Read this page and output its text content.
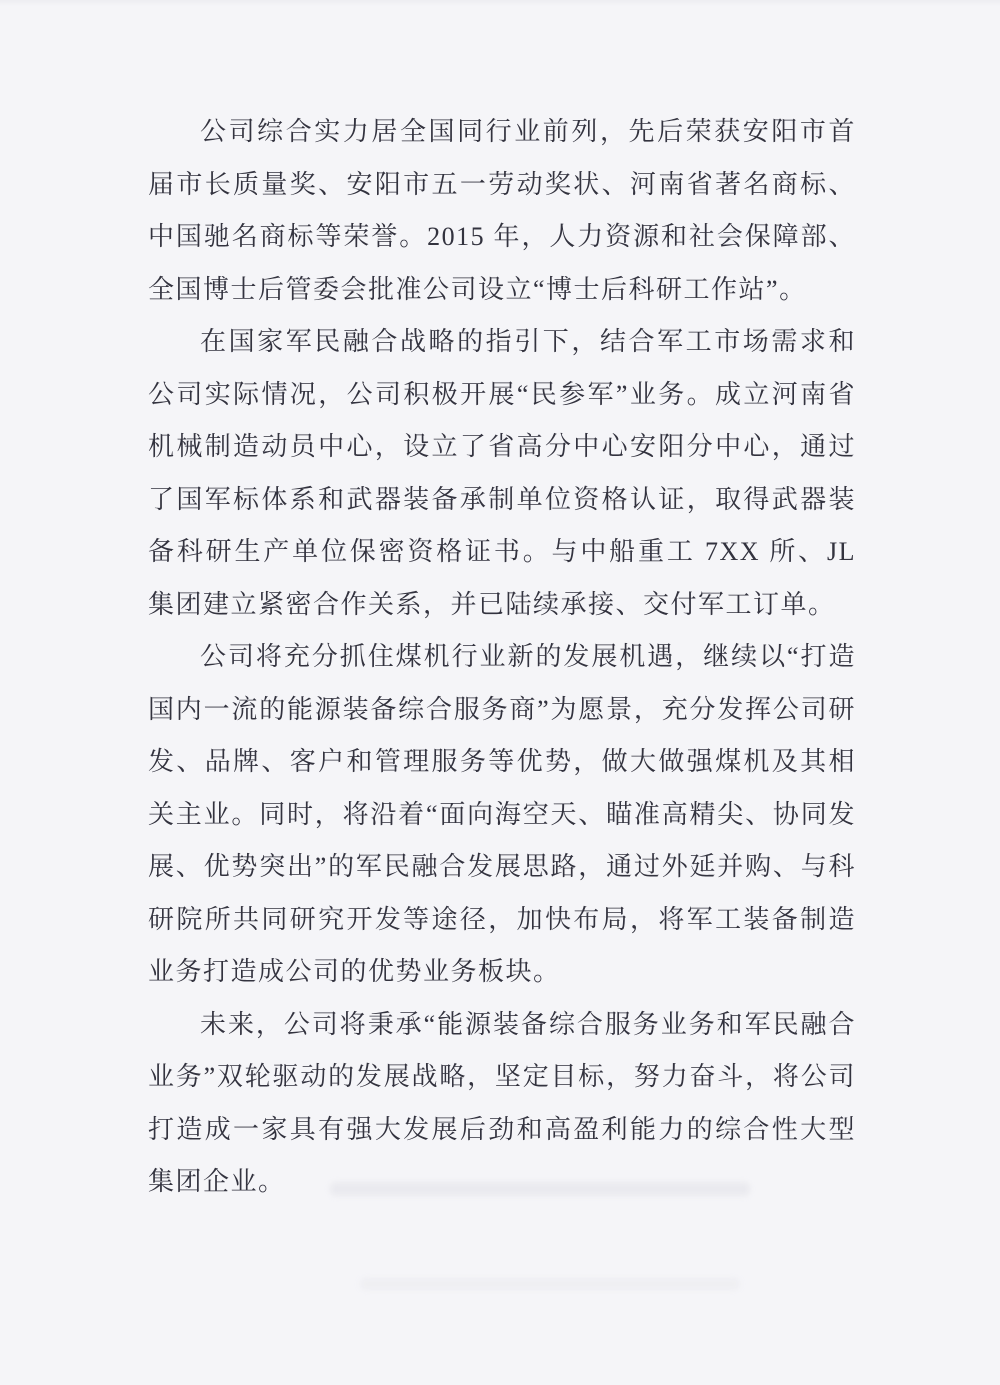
公司综合实力居全国同行业前列，先后荣获安阳市首届市长质量奖、安阳市五一劳动奖状、河南省著名商标、中国驰名商标等荣誉。2015 年，人力资源和社会保障部、全国博士后管委会批准公司设立“博士后科研工作站”。

在国家军民融合战略的指引下，结合军工市场需求和公司实际情况，公司积极开展“民参军”业务。成立河南省机械制造动员中心，设立了省高分中心安阳分中心，通过了国军标体系和武器装备承制单位资格认证，取得武器装备科研生产单位保密资格证书。与中船重工 7XX 所、JL 集团建立紧密合作关系，并已陆续承接、交付军工订单。

公司将充分抓住煤机行业新的发展机遇，继续以“打造国内一流的能源装备综合服务商”为愿景，充分发挥公司研发、品牌、客户和管理服务等优势，做大做强煤机及其相关主业。同时，将沿着“面向海空天、瞄准高精尖、协同发展、优势突出”的军民融合发展思路，通过外延并购、与科研院所共同研究开发等途径，加快布局，将军工装备制造业务打造成公司的优势业务板块。

未来，公司将秉承“能源装备综合服务业务和军民融合业务”双轮驱动的发展战略，坚定目标，努力奋斗，将公司打造成一家具有强大发展后劲和高盈利能力的综合性大型集团企业。
